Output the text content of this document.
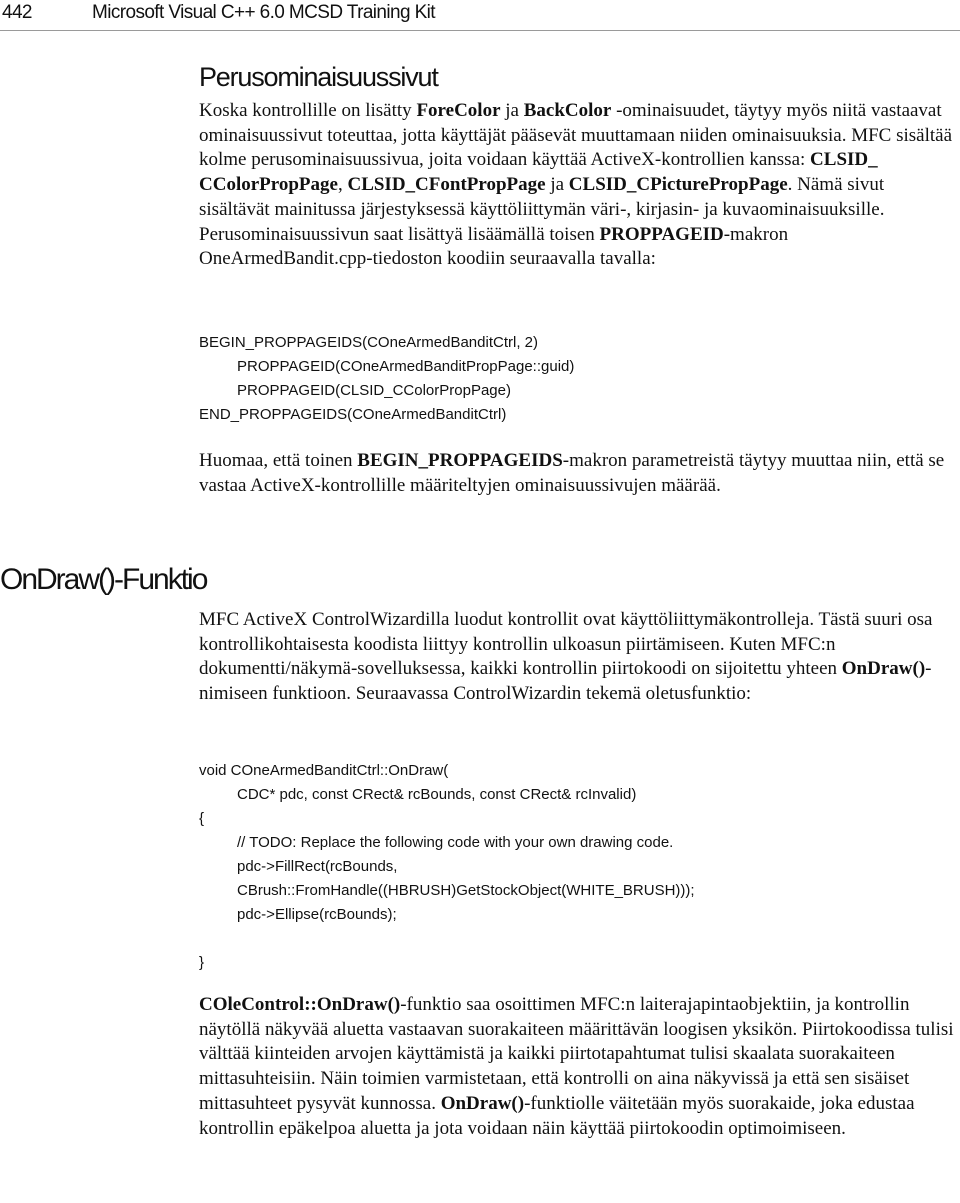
442	Microsoft Visual C++ 6.0 MCSD Training Kit
Perusominaisuussivut

Koska kontrollille on lisätty ForeColor ja BackColor -ominaisuudet, täytyy myös niitä vastaavat ominaisuussivut toteuttaa, jotta käyttäjät pääsevät muuttamaan niiden ominaisuuksia. MFC sisältää kolme perusominaisuussivua, joita voidaan käyttää ActiveX-kontrollien kanssa: CLSID_ CColorPropPage, CLSID_CFontPropPage ja CLSID_CPicturePropPage. Nämä sivut sisältävät mainitussa järjestyksessä käyttöliittymän väri-, kirjasin- ja kuvaominaisuuksille. Perusominaisuussivun saat lisättyä lisäämällä toisen PROPPAGEID-makron OneArmedBandit.cpp-tiedoston koodiin seuraavalla tavalla:

BEGIN_PROPPAGEIDS(COneArmedBanditCtrl, 2)
PROPPAGEID(COneArmedBanditPropPage::guid)
PROPPAGEID(CLSID_CColorPropPage)
END_PROPPAGEIDS(COneArmedBanditCtrl)

Huomaa, että toinen BEGIN_PROPPAGEIDS-makron parametreistä täytyy muuttaa niin, että se vastaa ActiveX-kontrollille määriteltyjen ominaisuussivujen määrää.

OnDraw()-Funktio

MFC ActiveX ControlWizardilla luodut kontrollit ovat käyttöliittymäkontrolleja. Tästä suuri osa kontrollikohtaisesta koodista liittyy kontrollin ulkoasun piirtämiseen. Kuten MFC:n dokumentti/näkymä-sovelluksessa, kaikki kontrollin piirtokoodi on sijoitettu yhteen OnDraw()-nimiseen funktioon. Seuraavassa ControlWizardin tekemä oletusfunktio:

void COneArmedBanditCtrl::OnDraw(
CDC* pdc, const CRect& rcBounds, const CRect& rcInvalid)
{
// TODO: Replace the following code with your own drawing code.
pdc->FillRect(rcBounds,
CBrush::FromHandle((HBRUSH)GetStockObject(WHITE_BRUSH)));
pdc->Ellipse(rcBounds);
}

COleControl::OnDraw()-funktio saa osoittimen MFC:n laiterajapintaobjektiin, ja kontrollin näytöllä näkyvää aluetta vastaavan suorakaiteen määrittävän loogisen yksikön. Piirtokoodissa tulisi välttää kiinteiden arvojen käyttämistä ja kaikki piirtotapahtumat tulisi skaalata suorakaiteen mittasuhteisiin. Näin toimien varmistetaan, että kontrolli on aina näkyvissä ja että sen sisäiset mittasuhteet pysyvät kunnossa. OnDraw()-funktiolle väitetään myös suorakaide, joka edustaa kontrollin epäkelpoa aluetta ja jota voidaan näin käyttää piirtokoodin optimoimiseen.
